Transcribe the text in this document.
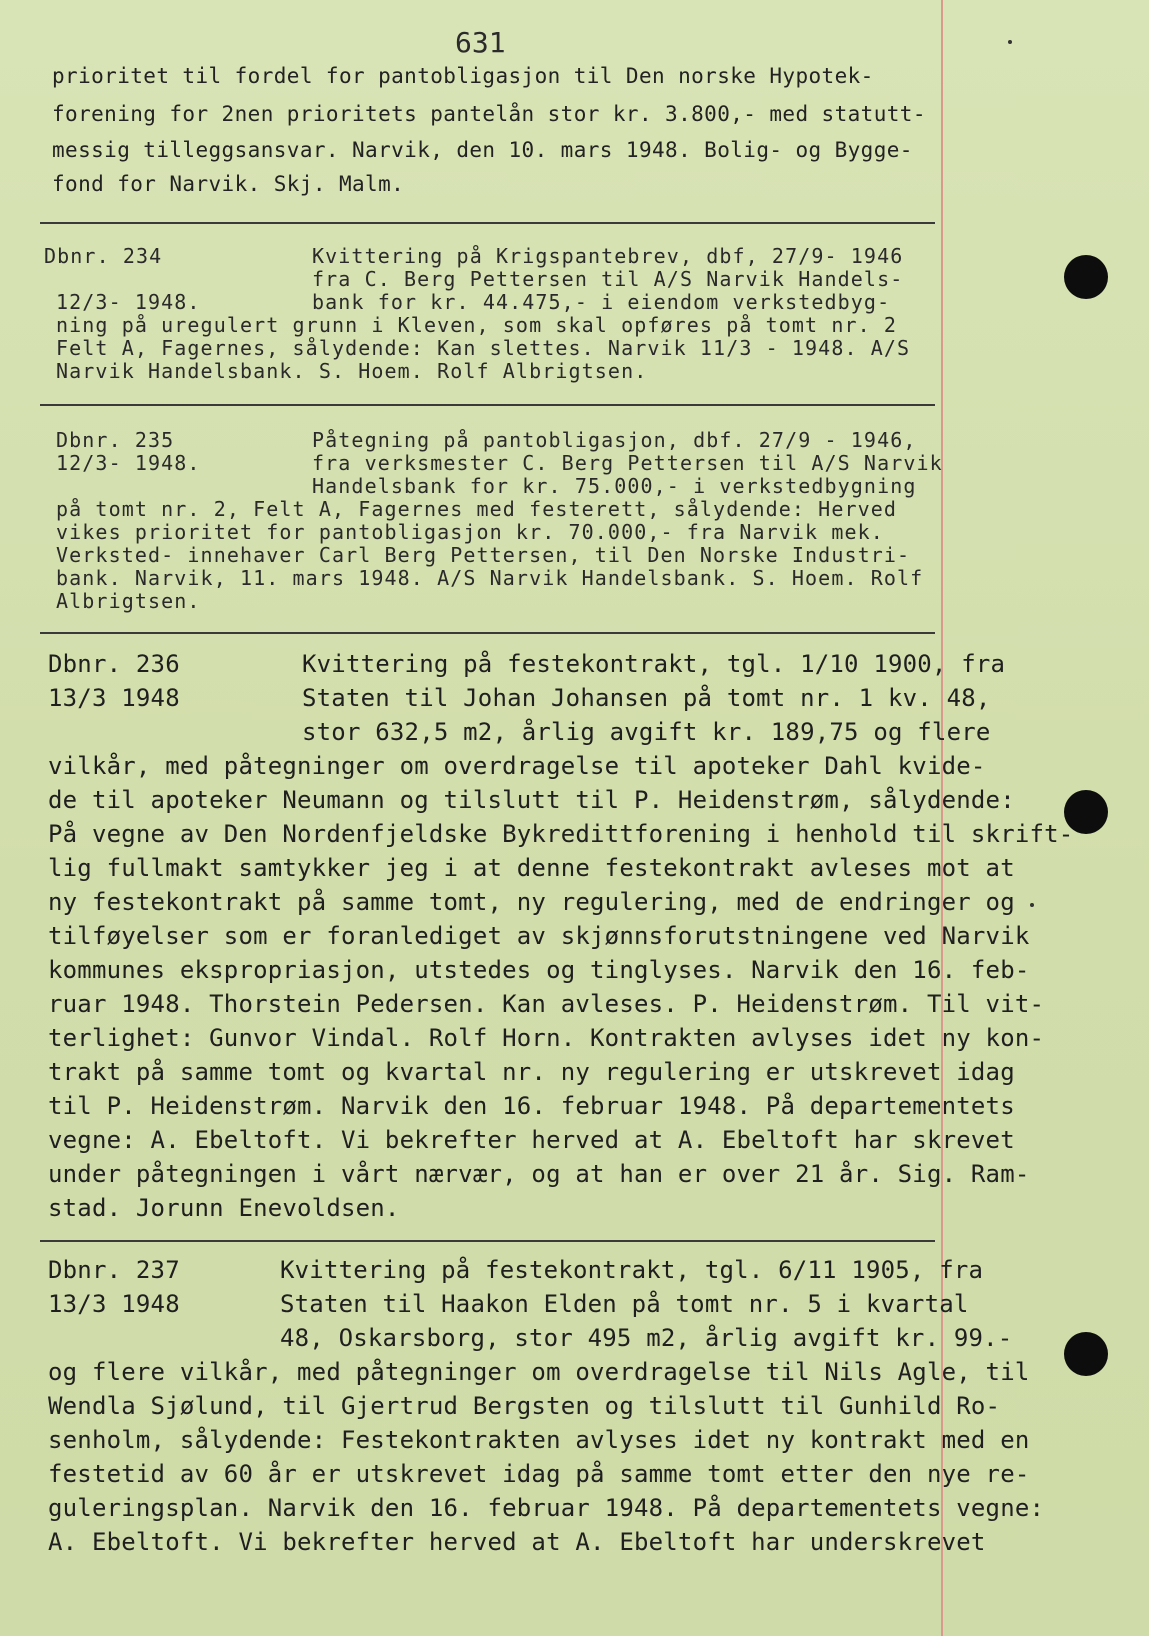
631
prioritet til fordel for pantobligasjon til Den norske Hypotek-
forening for 2nen prioritets pantelån stor kr. 3.800,- med statutt-
messig tilleggsansvar. Narvik, den 10. mars 1948. Bolig- og Bygge-
fond for Narvik. Skj. Malm.
Dbnr. 234
12/3- 1948.
Kvittering på Krigspantebrev, dbf, 27/9- 1946
fra C. Berg Pettersen til A/S Narvik Handels-
bank for kr. 44.475,- i eiendom verkstedbyg-
ning på uregulert grunn i Kleven, som skal opføres på tomt nr. 2
Felt A, Fagernes, sålydende: Kan slettes. Narvik 11/3 - 1948. A/S
Narvik Handelsbank. S. Hoem. Rolf Albrigtsen.
Dbnr. 235
12/3- 1948.
Påtegning på pantobligasjon, dbf. 27/9 - 1946,
fra verksmester C. Berg Pettersen til A/S Narvik
Handelsbank for kr. 75.000,- i verkstedbygning
på tomt nr. 2, Felt A, Fagernes med festerett, sålydende: Herved
vikes prioritet for pantobligasjon kr. 70.000,- fra Narvik mek.
Verksted- innehaver Carl Berg Pettersen, til Den Norske Industri-
bank. Narvik, 11. mars 1948. A/S Narvik Handelsbank. S. Hoem. Rolf
Albrigtsen.
Dbnr. 236
13/3 1948
Kvittering på festekontrakt, tgl. 1/10 1900, fra
Staten til Johan Johansen på tomt nr. 1 kv. 48,
stor 632,5 m2, årlig avgift kr. 189,75 og flere
vilkår, med påtegninger om overdragelse til apoteker Dahl kvide-
de til apoteker Neumann og tilslutt til P. Heidenstrøm, sålydende:
På vegne av Den Nordenfjeldske Bykredittforening i henhold til skrift-
lig fullmakt samtykker jeg i at denne festekontrakt avleses mot at
ny festekontrakt på samme tomt, ny regulering, med de endringer og
tilføyelser som er foranlediget av skjønnsforutstningene ved Narvik
kommunes ekspropriasjon, utstedes og tinglyses. Narvik den 16. feb-
ruar 1948. Thorstein Pedersen. Kan avleses. P. Heidenstrøm. Til vit-
terlighet: Gunvor Vindal. Rolf Horn. Kontrakten avlyses idet ny kon-
trakt på samme tomt og kvartal nr. ny regulering er utskrevet idag
til P. Heidenstrøm. Narvik den 16. februar 1948. På departementets
vegne: A. Ebeltoft. Vi bekrefter herved at A. Ebeltoft har skrevet
under påtegningen i vårt nærvær, og at han er over 21 år. Sig. Ram-
stad. Jorunn Enevoldsen.
Dbnr. 237
13/3 1948
Kvittering på festekontrakt, tgl. 6/11 1905, fra
Staten til Haakon Elden på tomt nr. 5 i kvartal
48, Oskarsborg, stor 495 m2, årlig avgift kr. 99.-
og flere vilkår, med påtegninger om overdragelse til Nils Agle, til
Wendla Sjølund, til Gjertrud Bergsten og tilslutt til Gunhild Ro-
senholm, sålydende: Festekontrakten avlyses idet ny kontrakt med en
festetid av 60 år er utskrevet idag på samme tomt etter den nye re-
guleringsplan. Narvik den 16. februar 1948. På departementets vegne:
A. Ebeltoft. Vi bekrefter herved at A. Ebeltoft har underskrevet
